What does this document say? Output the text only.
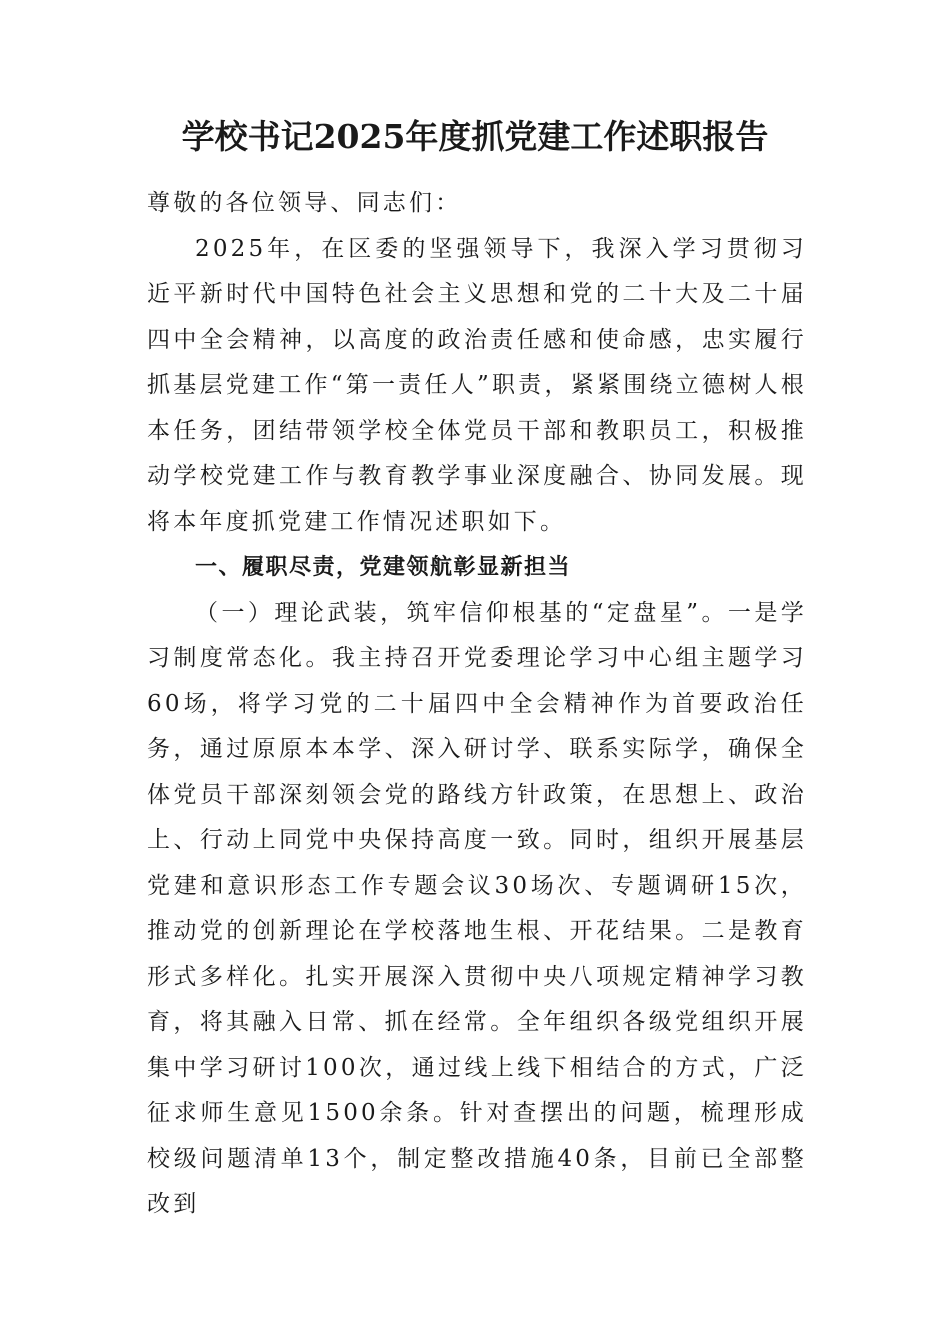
学校书记2025年度抓党建工作述职报告

尊敬的各位领导、同志们：

2025年，在区委的坚强领导下，我深入学习贯彻习近平新时代中国特色社会主义思想和党的二十大及二十届四中全会精神，以高度的政治责任感和使命感，忠实履行抓基层党建工作“第一责任人”职责，紧紧围绕立德树人根本任务，团结带领学校全体党员干部和教职员工，积极推动学校党建工作与教育教学事业深度融合、协同发展。现将本年度抓党建工作情况述职如下。

一、履职尽责，党建领航彰显新担当

（一）理论武装，筑牢信仰根基的“定盘星”。一是学习制度常态化。我主持召开党委理论学习中心组主题学习60场，将学习党的二十届四中全会精神作为首要政治任务，通过原原本本学、深入研讨学、联系实际学，确保全体党员干部深刻领会党的路线方针政策，在思想上、政治上、行动上同党中央保持高度一致。同时，组织开展基层党建和意识形态工作专题会议30场次、专题调研15次，推动党的创新理论在学校落地生根、开花结果。二是教育形式多样化。扎实开展深入贯彻中央八项规定精神学习教育，将其融入日常、抓在经常。全年组织各级党组织开展集中学习研讨100次，通过线上线下相结合的方式，广泛征求师生意见1500余条。针对查摆出的问题，梳理形成校级问题清单13个，制定整改措施40条，目前已全部整改到
